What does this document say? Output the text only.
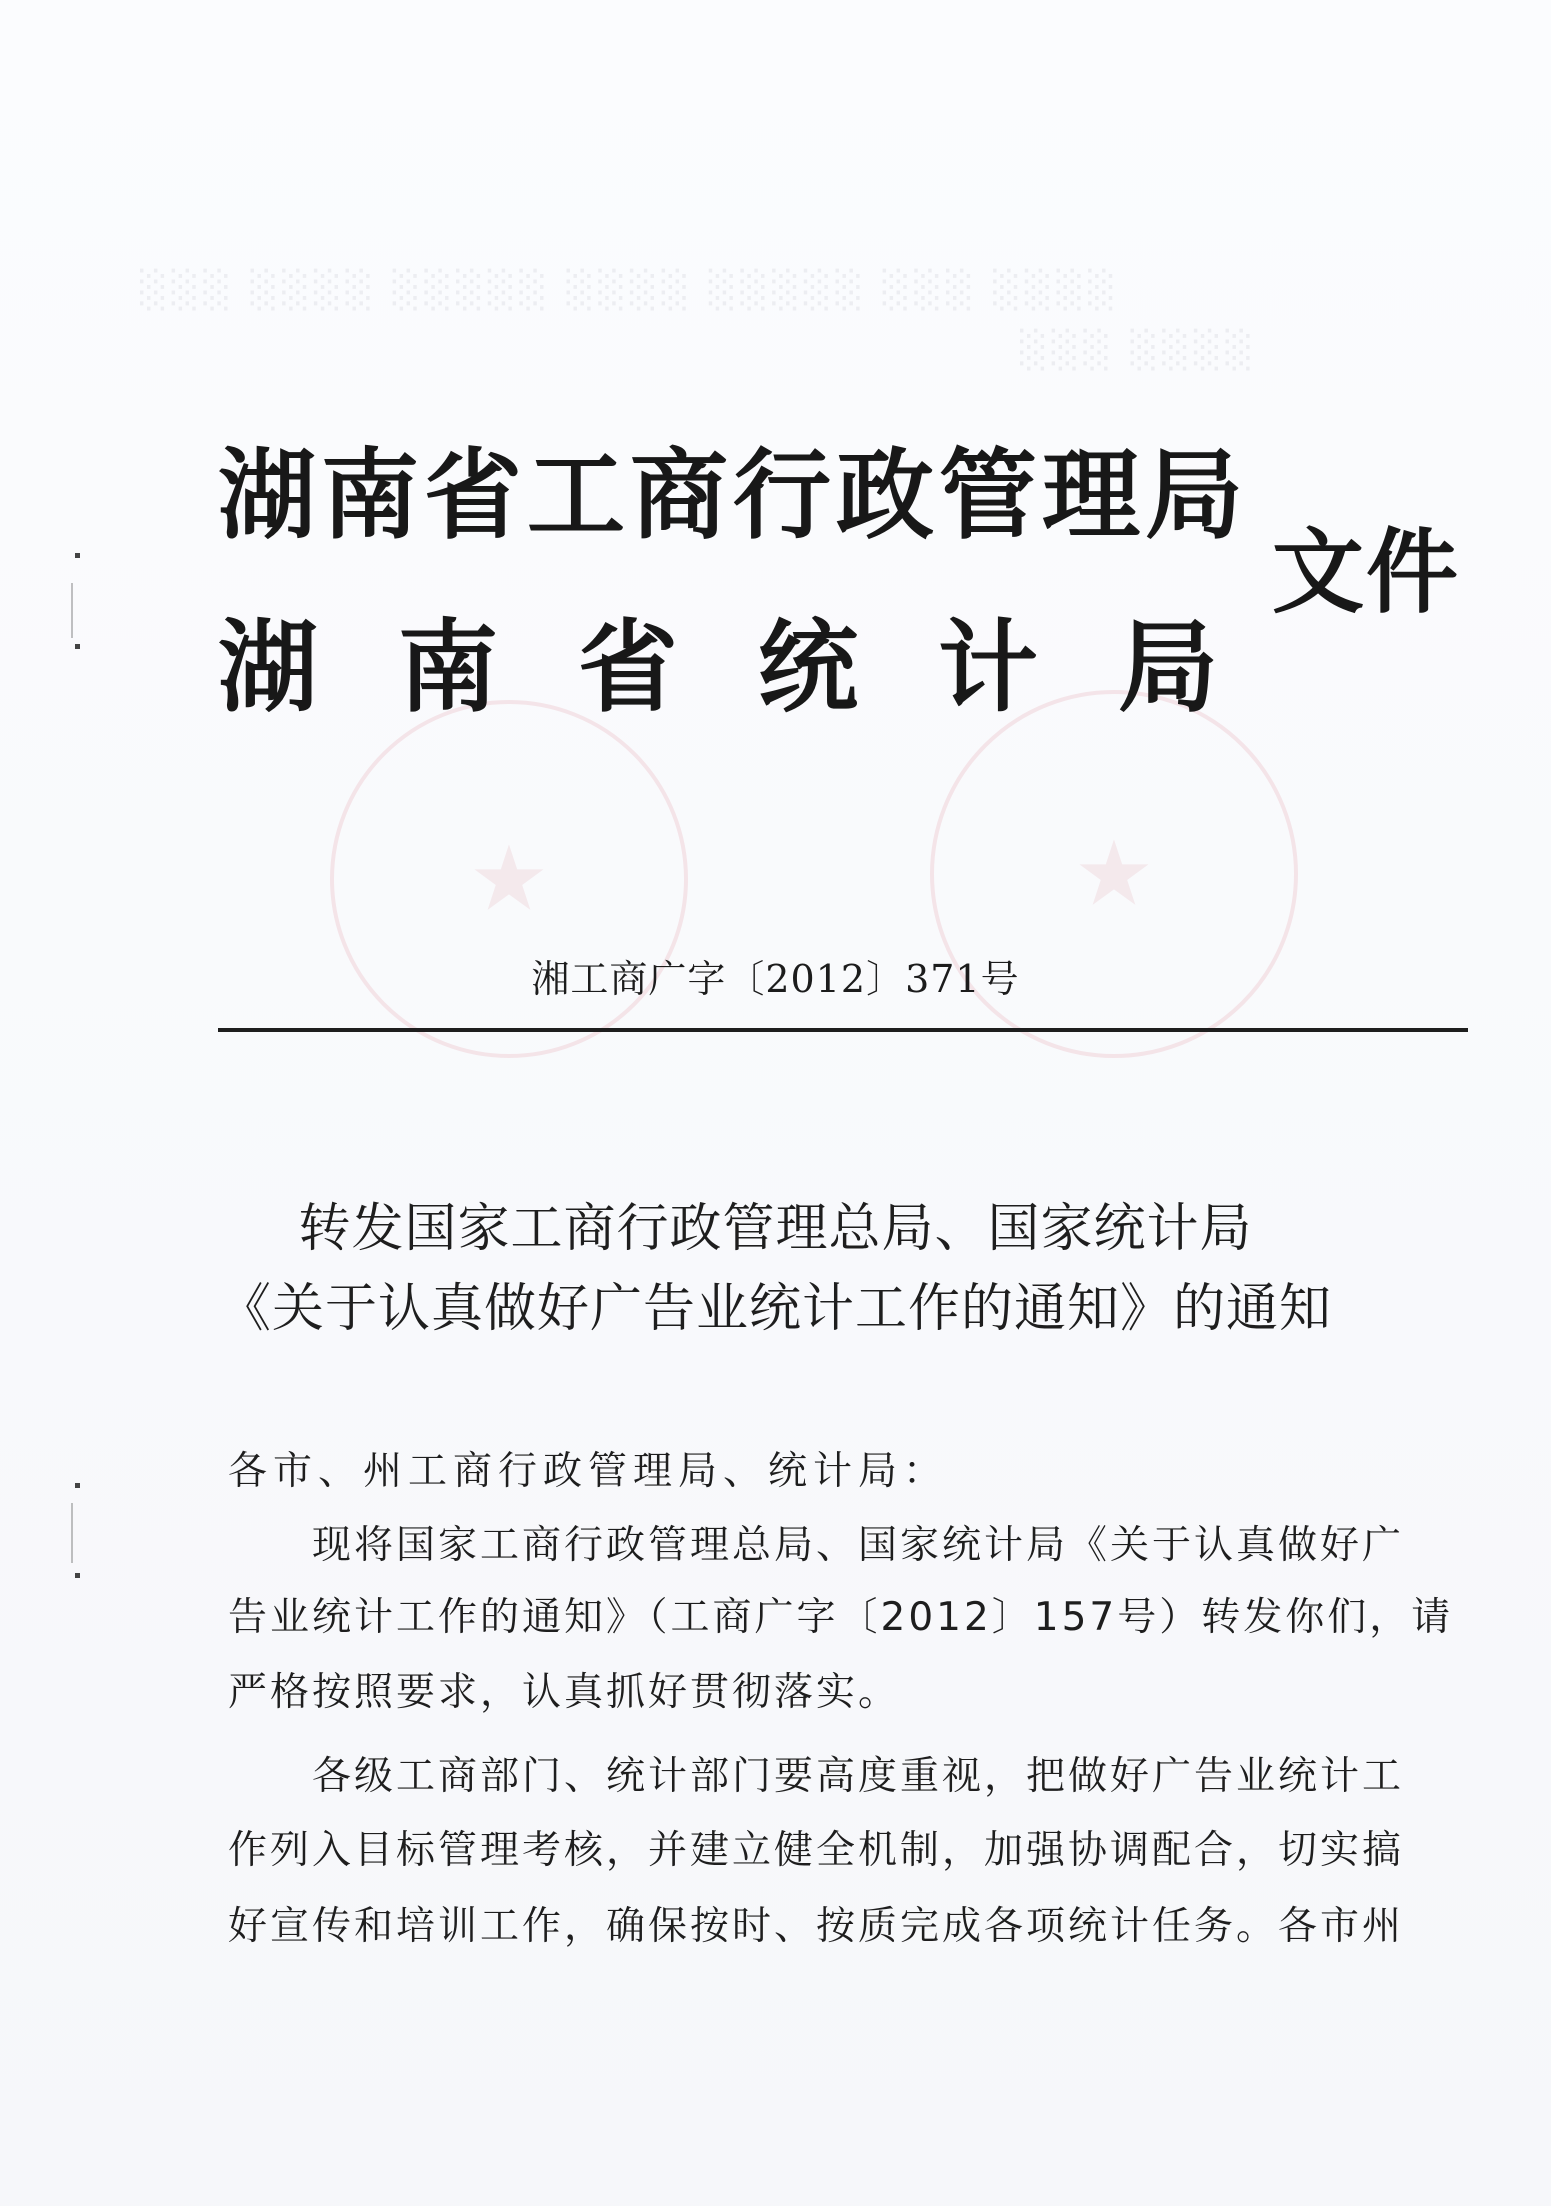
░░░ ░░░░ ░░░░░ ░░░░ ░░░░░ ░░░ ░░░░
░░░ ░░░░
★	★
湖南省工商行政管理局
湖南省统计局
文件
湘工商广字〔2012〕371号
转发国家工商行政管理总局、国家统计局
《关于认真做好广告业统计工作的通知》的通知
各市、州工商行政管理局、统计局：
现将国家工商行政管理总局、国家统计局《关于认真做好广
告业统计工作的通知》（工商广字〔2012〕157号）转发你们，请
严格按照要求，认真抓好贯彻落实。
各级工商部门、统计部门要高度重视，把做好广告业统计工
作列入目标管理考核，并建立健全机制，加强协调配合，切实搞
好宣传和培训工作，确保按时、按质完成各项统计任务。各市州
